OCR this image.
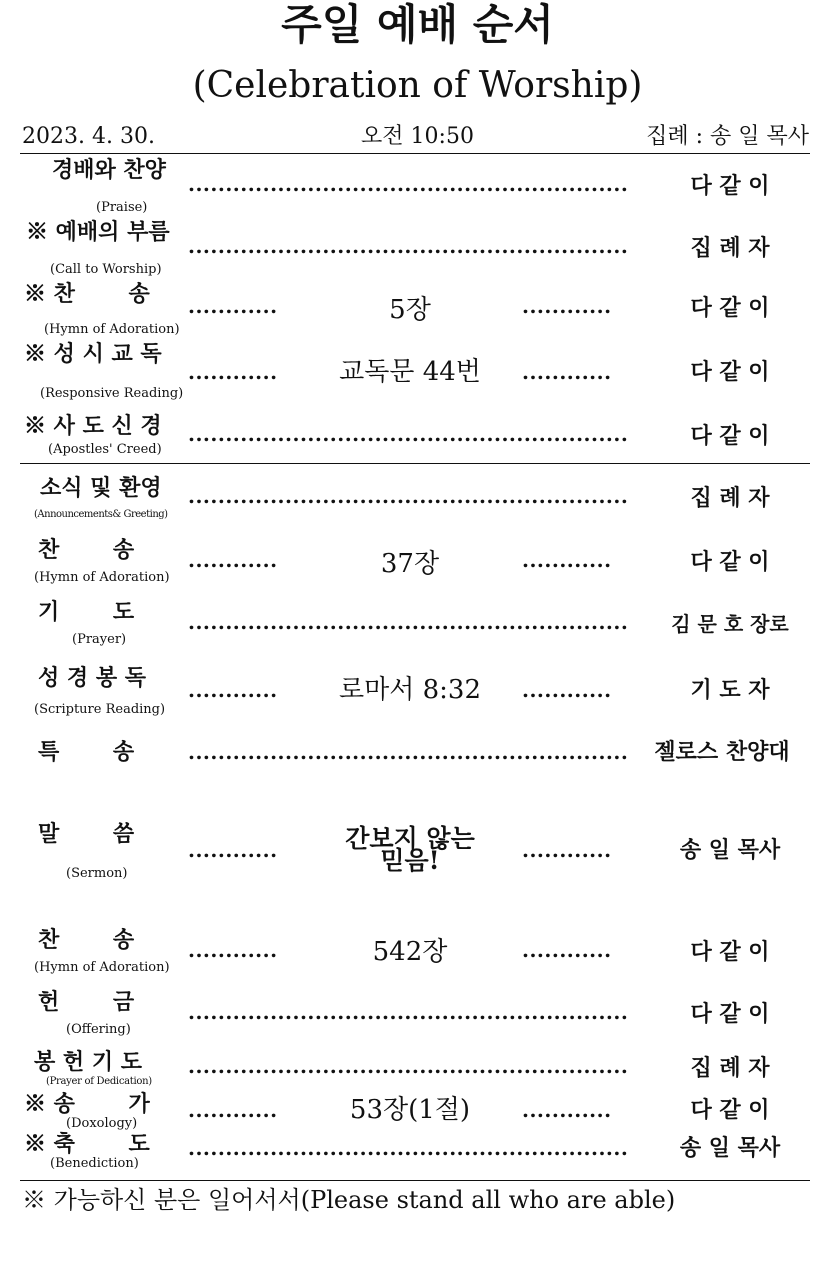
주일 예배 순서
(Celebration of Worship)
2023. 4. 30.	오전 10:50	집례 : 송 일 목사
경배와 찬양
(Praise)
...........................................................	다 같 이
※ 예배의 부름
(Call to Worship)
...........................................................	집 례 자
※ 찬       송
(Hymn of Adoration)
............	5장	............	다 같 이
※ 성 시 교 독
(Responsive Reading)
............	교독문 44번	............	다 같 이
※ 사 도 신 경
(Apostles' Creed)
...........................................................	다 같 이
소식 및 환영
(Announcements& Greeting)
...........................................................	집 례 자
찬       송
(Hymn of Adoration)
............	37장	............	다 같 이
기       도
(Prayer)
...........................................................	김 문 호 장로
성 경 봉 독
(Scripture Reading)
............	로마서 8:32	............	기 도 자
특       송	...........................................................	젤로스 찬양대
말       씀
(Sermon)
............	간보지 않는 믿음!	............	송 일 목사
찬       송
(Hymn of Adoration)
............	542장	............	다 같 이
헌       금
(Offering)
...........................................................	다 같 이
봉 헌 기 도
(Prayer of Dedication)
...........................................................	집 례 자
※ 송       가
(Doxology)
............	53장(1절)	............	다 같 이
※ 축       도
(Benediction)
...........................................................	송 일 목사
※ 가능하신 분은 일어서서(Please stand all who are able)
